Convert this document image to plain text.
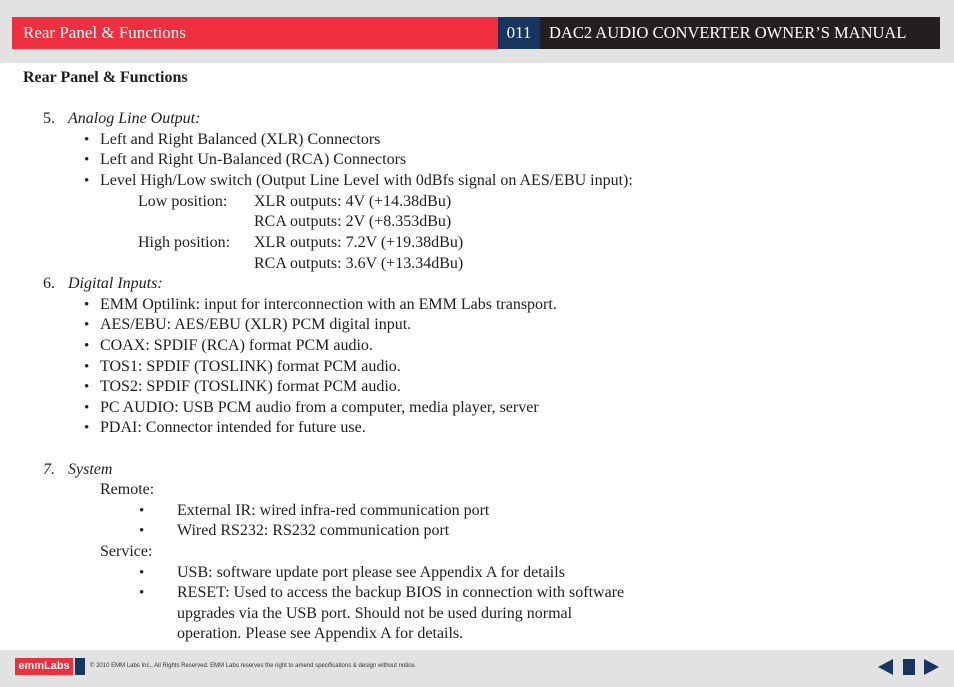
Rear Panel & Functions	011	DAC2 AUDIO CONVERTER OWNER’S MANUAL
Rear Panel & Functions
5. Analog Line Output:
• Left and Right Balanced (XLR) Connectors
• Left and Right Un-Balanced (RCA) Connectors
• Level High/Low switch (Output Line Level with 0dBfs signal on AES/EBU input):
Low position: XLR outputs: 4V (+14.38dBu)
RCA outputs: 2V (+8.353dBu)
High position: XLR outputs: 7.2V (+19.38dBu)
RCA outputs: 3.6V (+13.34dBu)
6. Digital Inputs:
• EMM Optilink: input for interconnection with an EMM Labs transport.
• AES/EBU: AES/EBU (XLR) PCM digital input.
• COAX: SPDIF (RCA) format PCM audio.
• TOS1: SPDIF (TOSLINK) format PCM audio.
• TOS2: SPDIF (TOSLINK) format PCM audio.
• PC AUDIO: USB PCM audio from a computer, media player, server
• PDAI: Connector intended for future use.
7. System
Remote:
• External IR: wired infra-red communication port
• Wired RS232: RS232 communication port
Service:
• USB: software update port please see Appendix A for details
• RESET: Used to access the backup BIOS in connection with software
upgrades via the USB port. Should not be used during normal
operation. Please see Appendix A for details.
emmLabs	© 2010 EMM Labs Inc., All Rights Reserved. EMM Labs reserves the right to amend specifications & design without notice.
